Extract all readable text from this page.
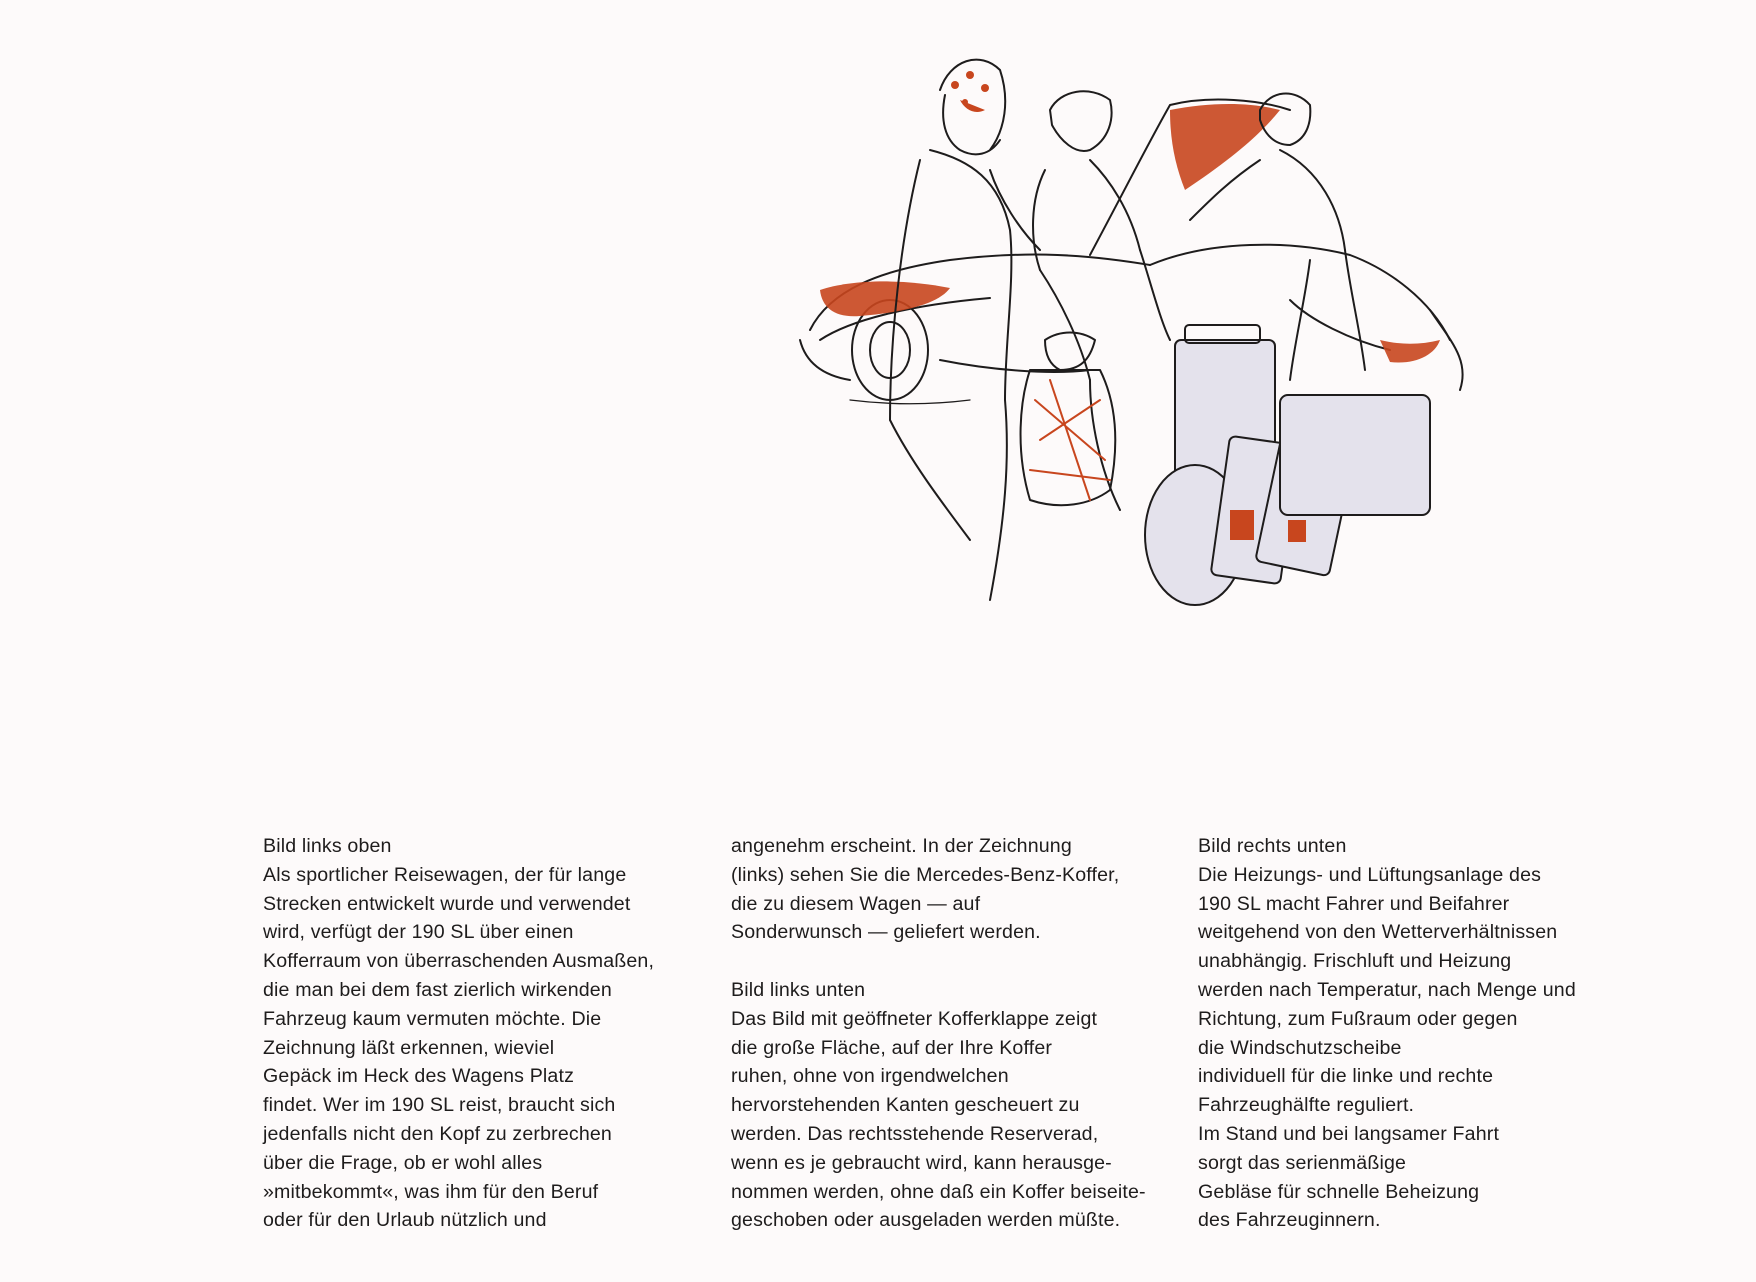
Bild links oben
Als sportlicher Reisewagen, der für lange
Strecken entwickelt wurde und verwendet
wird, verfügt der 190 SL über einen
Kofferraum von überraschenden Ausmaßen,
die man bei dem fast zierlich wirkenden
Fahrzeug kaum vermuten möchte. Die
Zeichnung läßt erkennen, wieviel
Gepäck im Heck des Wagens Platz
findet. Wer im 190 SL reist, braucht sich
jedenfalls nicht den Kopf zu zerbrechen
über die Frage, ob er wohl alles
»mitbekommt«, was ihm für den Beruf
oder für den Urlaub nützlich und

angenehm erscheint. In der Zeichnung
(links) sehen Sie die Mercedes-Benz-Koffer,
die zu diesem Wagen — auf
Sonderwunsch — geliefert werden.
Bild links unten
Das Bild mit geöffneter Kofferklappe zeigt
die große Fläche, auf der Ihre Koffer
ruhen, ohne von irgendwelchen
hervorstehenden Kanten gescheuert zu
werden. Das rechtsstehende Reserverad,
wenn es je gebraucht wird, kann herausge-
nommen werden, ohne daß ein Koffer beiseite-
geschoben oder ausgeladen werden müßte.

Bild rechts unten
Die Heizungs- und Lüftungsanlage des
190 SL macht Fahrer und Beifahrer
weitgehend von den Wetterverhältnissen
unabhängig. Frischluft und Heizung
werden nach Temperatur, nach Menge und
Richtung, zum Fußraum oder gegen
die Windschutzscheibe
individuell für die linke und rechte
Fahrzeughälfte reguliert.
Im Stand und bei langsamer Fahrt
sorgt das serienmäßige
Gebläse für schnelle Beheizung
des Fahrzeuginnern.
